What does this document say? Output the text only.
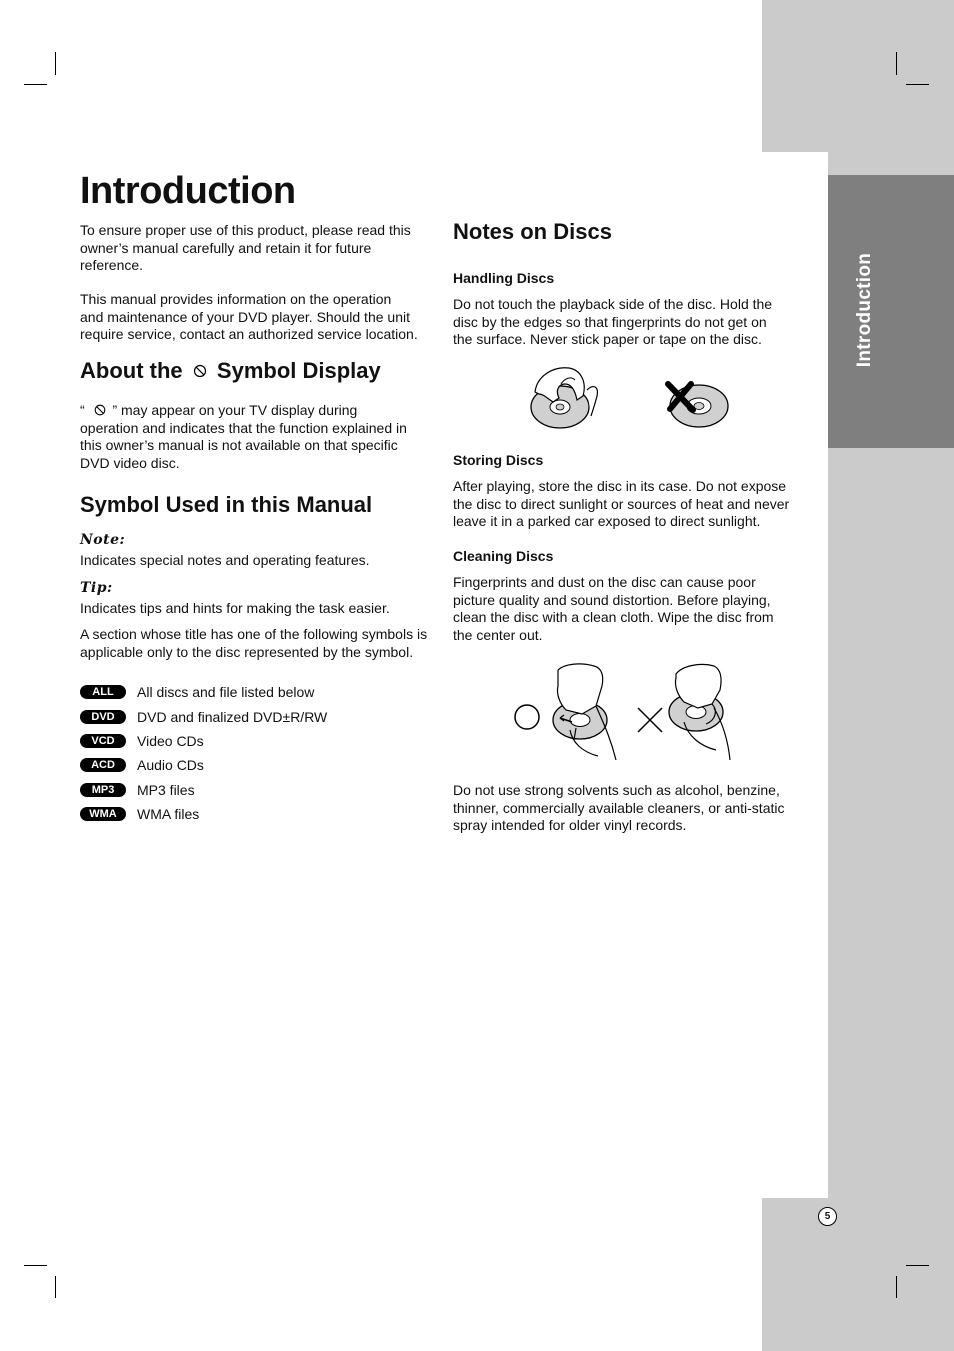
Introduction
5
Introduction
To ensure proper use of this product, please read this
owner’s manual carefully and retain it for future
reference.
This manual provides information on the operation
and maintenance of your DVD player. Should the unit
require service, contact an authorized service location.
About the Symbol Display
“ ” may appear on your TV display during
operation and indicates that the function explained in
this owner’s manual is not available on that specific
DVD video disc.
Symbol Used in this Manual
Note:
Indicates special notes and operating features.
Tip:
Indicates tips and hints for making the task easier.
A section whose title has one of the following symbols is
applicable only to the disc represented by the symbol.
ALL	All discs and file listed below
DVD	DVD and finalized DVD±R/RW
VCD	Video CDs
ACD	Audio CDs
MP3	MP3 files
WMA	WMA files
Notes on Discs
Handling Discs
Do not touch the playback side of the disc. Hold the
disc by the edges so that fingerprints do not get on
the surface. Never stick paper or tape on the disc.
Storing Discs
After playing, store the disc in its case. Do not expose
the disc to direct sunlight or sources of heat and never
leave it in a parked car exposed to direct sunlight.
Cleaning Discs
Fingerprints and dust on the disc can cause poor
picture quality and sound distortion. Before playing,
clean the disc with a clean cloth. Wipe the disc from
the center out.
Do not use strong solvents such as alcohol, benzine,
thinner, commercially available cleaners, or anti-static
spray intended for older vinyl records.
